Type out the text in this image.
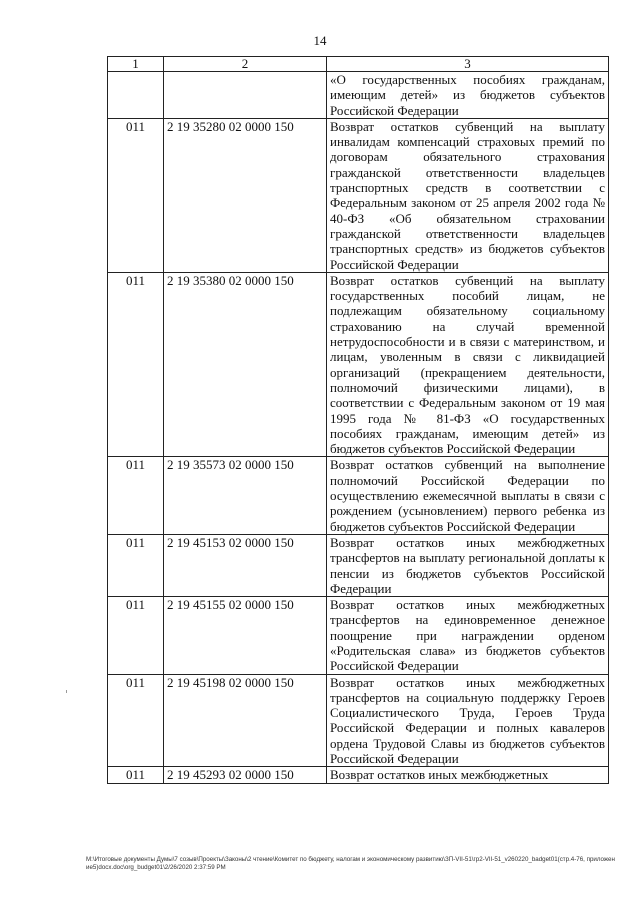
14
1	2	3
		«О государственных пособиях гражданам, имеющим детей» из бюджетов субъектов Российской Федерации
011	2 19 35280 02 0000 150	Возврат остатков субвенций на выплату инвалидам компенсаций страховых премий по договорам обязательного страхования гражданской ответственности владельцев транспортных средств в соответствии с Федеральным законом от 25 апреля 2002 года № 40-ФЗ «Об обязательном страховании гражданской ответственности владельцев транспортных средств» из бюджетов субъектов Российской Федерации
011	2 19 35380 02 0000 150	Возврат остатков субвенций на выплату государственных пособий лицам, не подлежащим обязательному социальному страхованию на случай временной нетрудоспособности и в связи с материнством, и лицам, уволенным в связи с ликвидацией организаций (прекращением деятельности, полномочий физическими лицами), в соответствии с Федеральным законом от 19 мая 1995 года № 81-ФЗ «О государственных пособиях гражданам, имеющим детей» из бюджетов субъектов Российской Федерации
011	2 19 35573 02 0000 150	Возврат остатков субвенций на выполнение полномочий Российской Федерации по осуществлению ежемесячной выплаты в связи с рождением (усыновлением) первого ребенка из бюджетов субъектов Российской Федерации
011	2 19 45153 02 0000 150	Возврат остатков иных межбюджетных трансфертов на выплату региональной доплаты к пенсии из бюджетов субъектов Российской Федерации
011	2 19 45155 02 0000 150	Возврат остатков иных межбюджетных трансфертов на единовременное денежное поощрение при награждении орденом «Родительская слава» из бюджетов субъектов Российской Федерации
011	2 19 45198 02 0000 150	Возврат остатков иных межбюджетных трансфертов на социальную поддержку Героев Социалистического Труда, Героев Труда Российской Федерации и полных кавалеров ордена Трудовой Славы из бюджетов субъектов Российской Федерации
011	2 19 45293 02 0000 150	Возврат остатков иных межбюджетных
M:\Итоговые документы Думы\7 созыв\Проекты\Законы\2 чтение\Комитет по бюджету, налогам и экономическому развитию\ЗП-VII-51\гр2-VII-51_v260220_badget01(стр.4-76, приложение5)docx.doc\org_budget01\2/26/2020 2:37:59 PM
